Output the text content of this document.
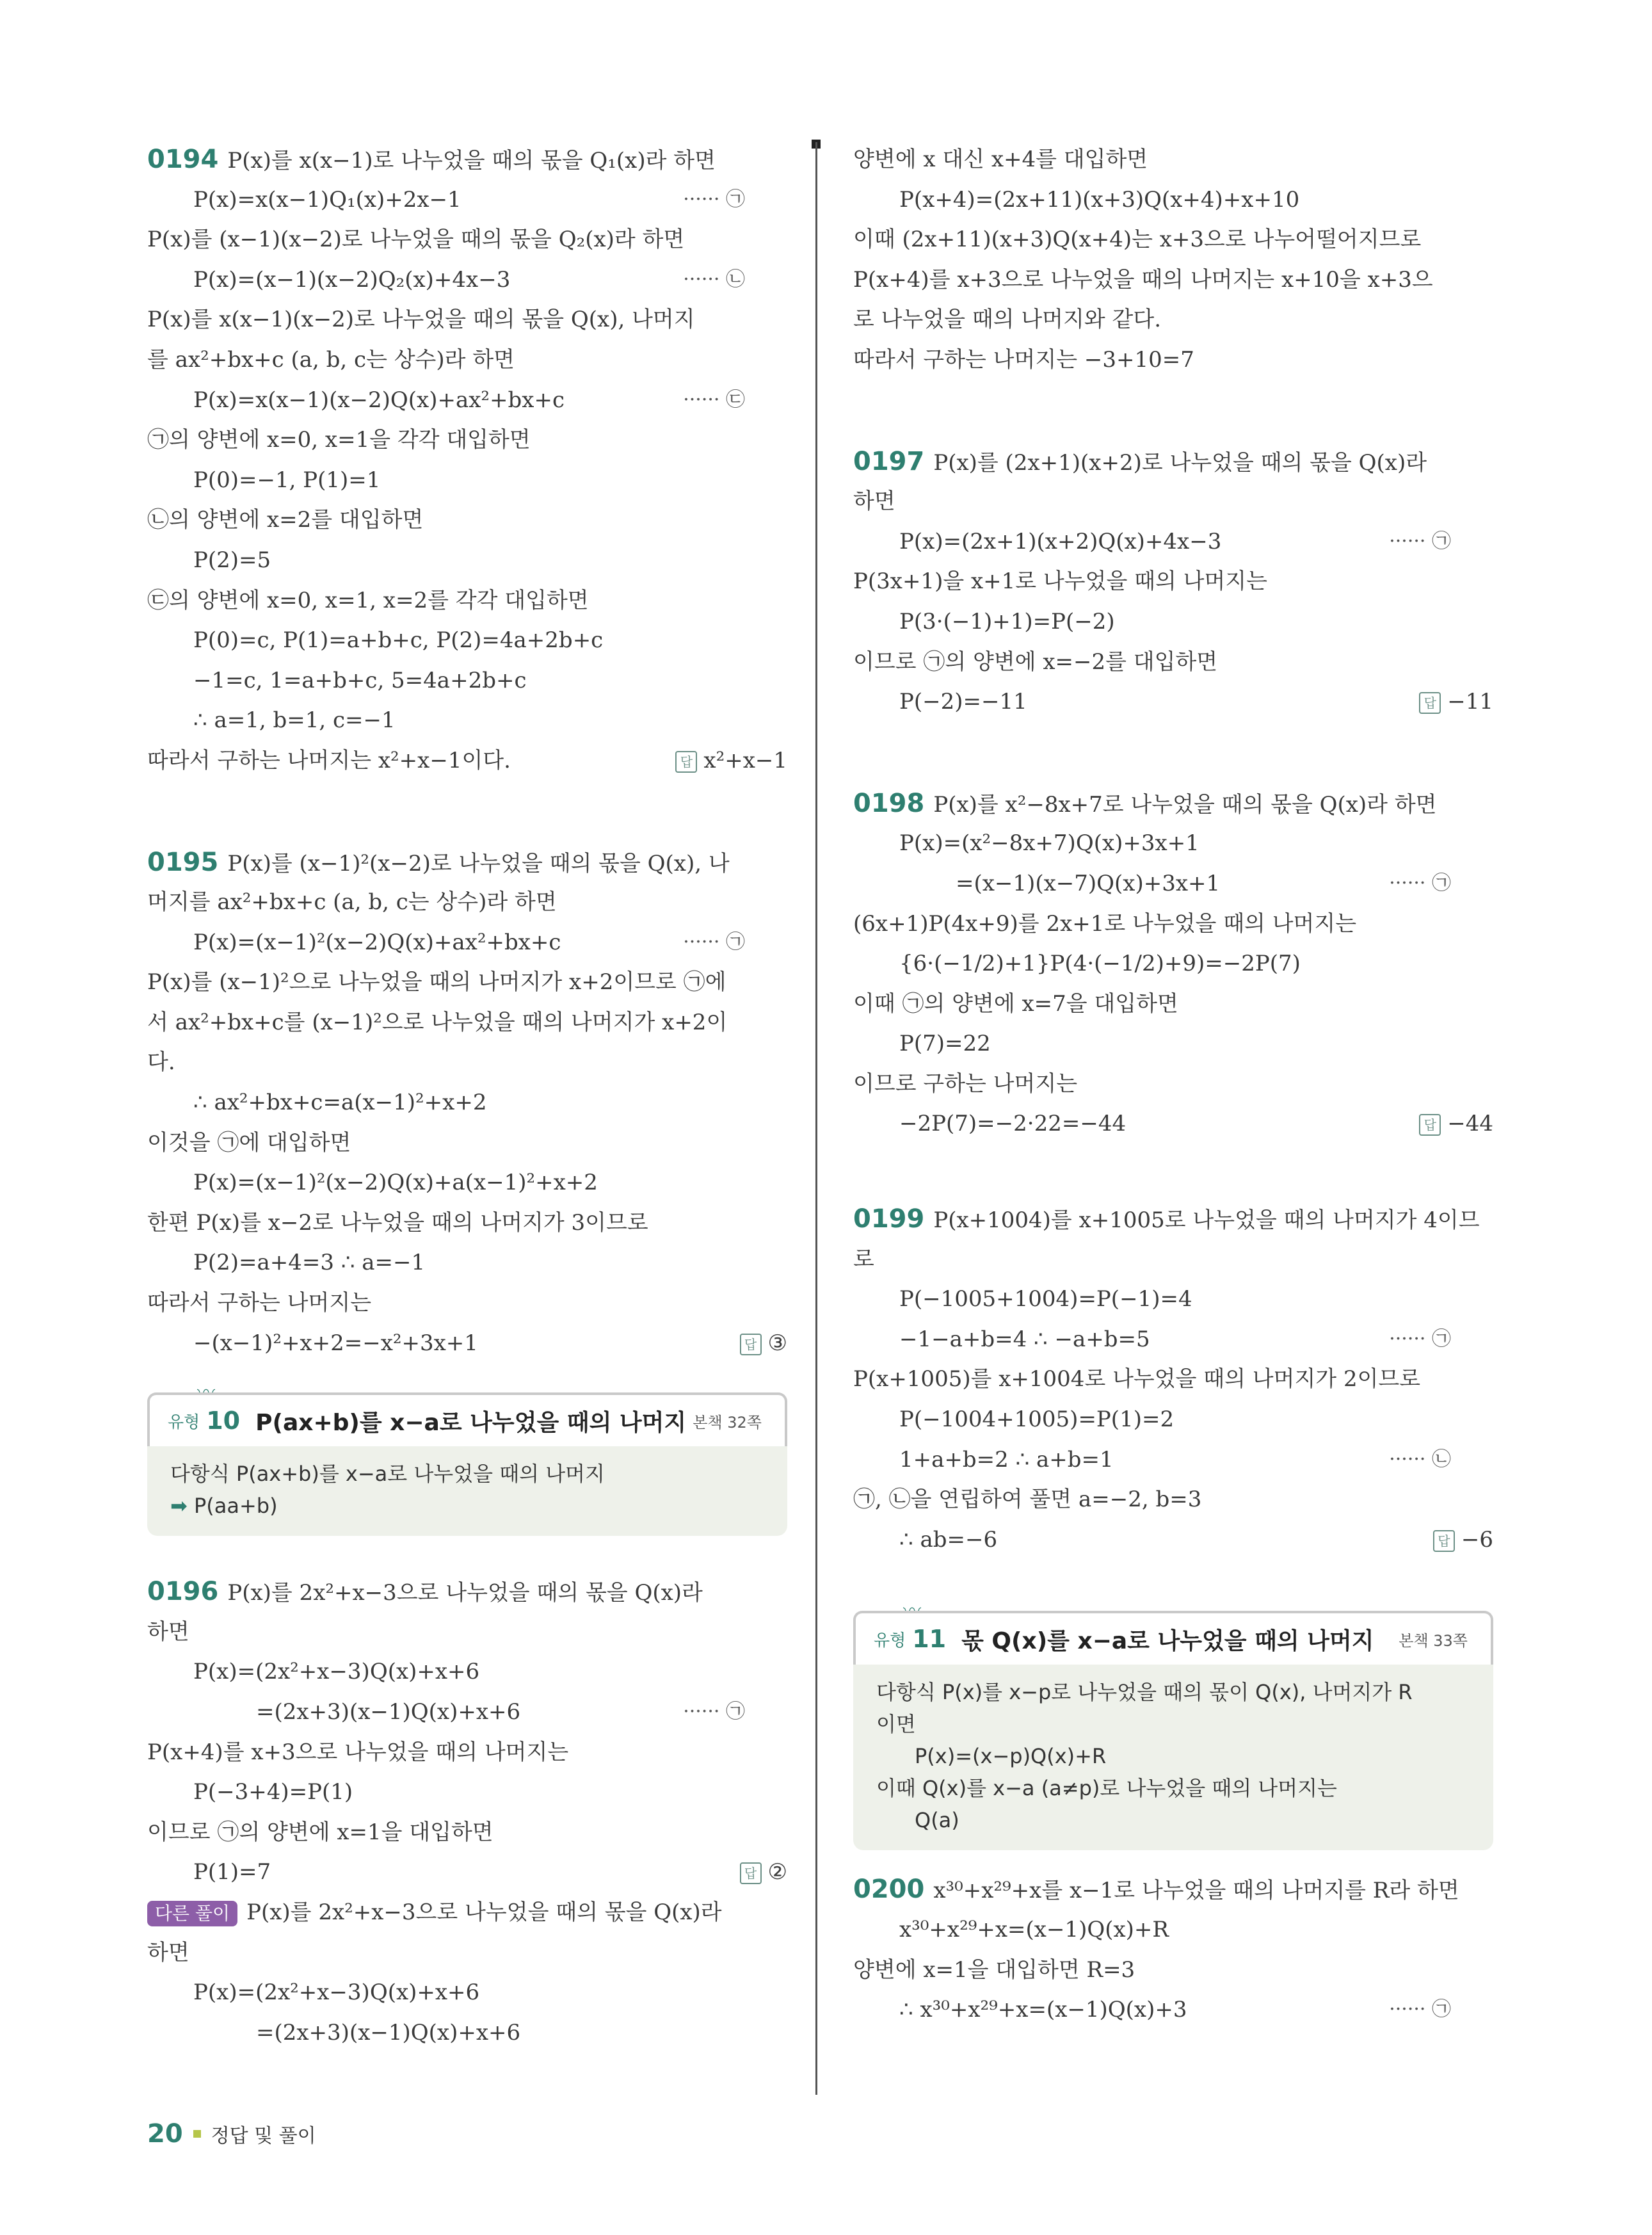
0194 P(x)를 x(x−1)로 나누었을 때의 몫을 Q₁(x)라 하면
P(x)=x(x−1)Q₁(x)+2x−1	······ ㉠
P(x)를 (x−1)(x−2)로 나누었을 때의 몫을 Q₂(x)라 하면
P(x)=(x−1)(x−2)Q₂(x)+4x−3	······ ㉡
P(x)를 x(x−1)(x−2)로 나누었을 때의 몫을 Q(x), 나머지
를 ax²+bx+c (a, b, c는 상수)라 하면
P(x)=x(x−1)(x−2)Q(x)+ax²+bx+c	······ ㉢
㉠의 양변에 x=0, x=1을 각각 대입하면
P(0)=−1, P(1)=1
㉡의 양변에 x=2를 대입하면
P(2)=5
㉢의 양변에 x=0, x=1, x=2를 각각 대입하면
P(0)=c, P(1)=a+b+c, P(2)=4a+2b+c
−1=c, 1=a+b+c, 5=4a+2b+c
∴ a=1, b=1, c=−1
따라서 구하는 나머지는 x²+x−1이다.	답 x²+x−1
0195 P(x)를 (x−1)²(x−2)로 나누었을 때의 몫을 Q(x), 나
머지를 ax²+bx+c (a, b, c는 상수)라 하면
P(x)=(x−1)²(x−2)Q(x)+ax²+bx+c	······ ㉠
P(x)를 (x−1)²으로 나누었을 때의 나머지가 x+2이므로 ㉠에
서 ax²+bx+c를 (x−1)²으로 나누었을 때의 나머지가 x+2이
다.
∴ ax²+bx+c=a(x−1)²+x+2
이것을 ㉠에 대입하면
P(x)=(x−1)²(x−2)Q(x)+a(x−1)²+x+2
한편 P(x)를 x−2로 나누었을 때의 나머지가 3이므로
P(2)=a+4=3 ∴ a=−1
따라서 구하는 나머지는
−(x−1)²+x+2=−x²+3x+1	답 ③
유형 10 P(ax+b)를 x−a로 나누었을 때의 나머지 본책 32쪽
다항식 P(ax+b)를 x−a로 나누었을 때의 나머지
➡ P(aa+b)
0196 P(x)를 2x²+x−3으로 나누었을 때의 몫을 Q(x)라
하면
P(x)=(2x²+x−3)Q(x)+x+6
=(2x+3)(x−1)Q(x)+x+6	······ ㉠
P(x+4)를 x+3으로 나누었을 때의 나머지는
P(−3+4)=P(1)
이므로 ㉠의 양변에 x=1을 대입하면
P(1)=7	답 ②
다른 풀이 P(x)를 2x²+x−3으로 나누었을 때의 몫을 Q(x)라
하면
P(x)=(2x²+x−3)Q(x)+x+6
=(2x+3)(x−1)Q(x)+x+6
양변에 x 대신 x+4를 대입하면
P(x+4)=(2x+11)(x+3)Q(x+4)+x+10
이때 (2x+11)(x+3)Q(x+4)는 x+3으로 나누어떨어지므로
P(x+4)를 x+3으로 나누었을 때의 나머지는 x+10을 x+3으
로 나누었을 때의 나머지와 같다.
따라서 구하는 나머지는 −3+10=7
0197 P(x)를 (2x+1)(x+2)로 나누었을 때의 몫을 Q(x)라
하면
P(x)=(2x+1)(x+2)Q(x)+4x−3	······ ㉠
P(3x+1)을 x+1로 나누었을 때의 나머지는
P(3·(−1)+1)=P(−2)
이므로 ㉠의 양변에 x=−2를 대입하면
P(−2)=−11	답 −11
0198 P(x)를 x²−8x+7로 나누었을 때의 몫을 Q(x)라 하면
P(x)=(x²−8x+7)Q(x)+3x+1
=(x−1)(x−7)Q(x)+3x+1	······ ㉠
(6x+1)P(4x+9)를 2x+1로 나누었을 때의 나머지는
{6·(−1/2)+1}P(4·(−1/2)+9)=−2P(7)
이때 ㉠의 양변에 x=7을 대입하면
P(7)=22
이므로 구하는 나머지는
−2P(7)=−2·22=−44	답 −44
0199 P(x+1004)를 x+1005로 나누었을 때의 나머지가 4이므
로
P(−1005+1004)=P(−1)=4
−1−a+b=4 ∴ −a+b=5	······ ㉠
P(x+1005)를 x+1004로 나누었을 때의 나머지가 2이므로
P(−1004+1005)=P(1)=2
1+a+b=2 ∴ a+b=1	······ ㉡
㉠, ㉡을 연립하여 풀면 a=−2, b=3
∴ ab=−6	답 −6
유형 11 몫 Q(x)를 x−a로 나누었을 때의 나머지 본책 33쪽
다항식 P(x)를 x−p로 나누었을 때의 몫이 Q(x), 나머지가 R
이면
P(x)=(x−p)Q(x)+R
이때 Q(x)를 x−a (a≠p)로 나누었을 때의 나머지는
Q(a)
0200 x³⁰+x²⁹+x를 x−1로 나누었을 때의 나머지를 R라 하면
x³⁰+x²⁹+x=(x−1)Q(x)+R
양변에 x=1을 대입하면 R=3
∴ x³⁰+x²⁹+x=(x−1)Q(x)+3	······ ㉠
20 정답 및 풀이
